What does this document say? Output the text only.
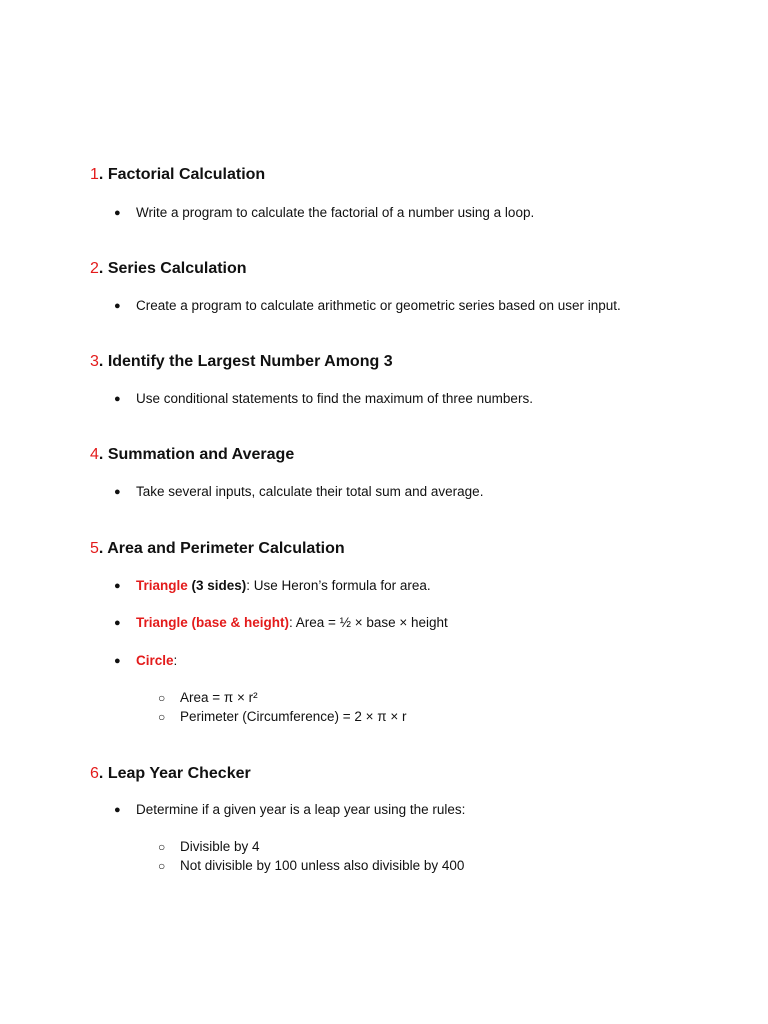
1. Factorial Calculation
●	Write a program to calculate the factorial of a number using a loop.
2. Series Calculation
●	Create a program to calculate arithmetic or geometric series based on user input.
3. Identify the Largest Number Among 3
●	Use conditional statements to find the maximum of three numbers.
4. Summation and Average
●	Take several inputs, calculate their total sum and average.
5. Area and Perimeter Calculation
●	Triangle (3 sides): Use Heron’s formula for area.
●	Triangle (base & height): Area = ½ × base × height
●	Circle:
○	Area = π × r²
○	Perimeter (Circumference) = 2 × π × r
6. Leap Year Checker
●	Determine if a given year is a leap year using the rules:
○	Divisible by 4
○	Not divisible by 100 unless also divisible by 400
